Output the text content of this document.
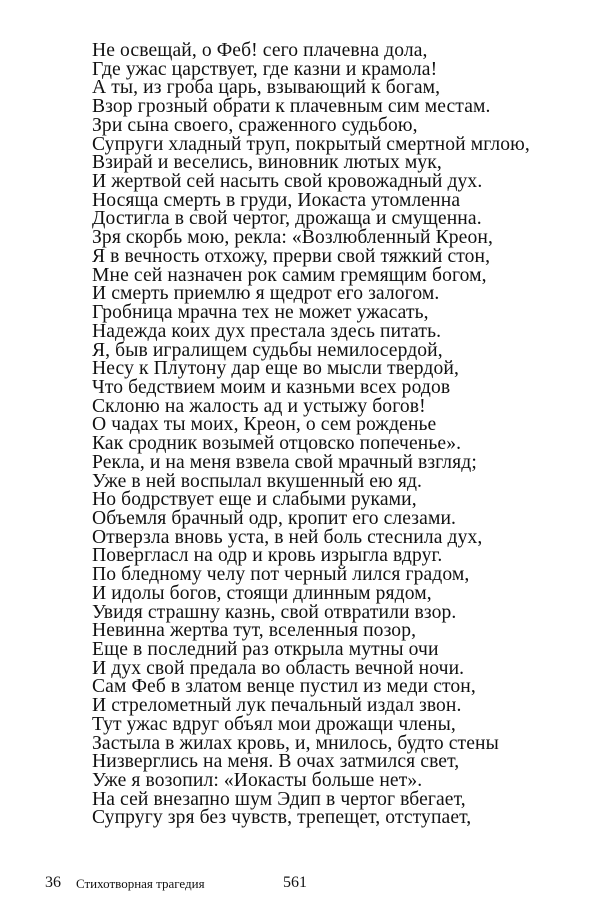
Не освещай, о Феб! сего плачевна дола,
Где ужас царствует, где казни и крамола!
А ты, из гроба царь, взывающий к богам,
Взор грозный обрати к плачевным сим местам.
Зри сына своего, сраженного судьбою,
Супруги хладный труп, покрытый смертной мглою,
Взирай и веселись, виновник лютых мук,
И жертвой сей насыть свой кровожадный дух.
Носяща смерть в груди, Иокаста утомленна
Достигла в свой чертог, дрожаща и смущенна.
Зря скорбь мою, рекла: «Возлюбленный Креон,
Я в вечность отхожу, прерви свой тяжкий стон,
Мне сей назначен рок самим гремящим богом,
И смерть приемлю я щедрот его залогом.
Гробница мрачна тех не может ужасать,
Надежда коих дух престала здесь питать.
Я, быв игралищем судьбы немилосердой,
Несу к Плутону дар еще во мысли твердой,
Что бедствием моим и казньми всех родов
Склоню на жалость ад и устыжу богов!
О чадах ты моих, Креон, о сем рожденье
Как сродник возымей отцовско попеченье».
Рекла, и на меня взвела свой мрачный взгляд;
Уже в ней воспылал вкушенный ею яд.
Но бодрствует еще и слабыми руками,
Объемля брачный одр, кропит его слезами.
Отверзла вновь уста, в ней боль стеснила дух,
Повергласл на одр и кровь изрыгла вдруг.
По бледному челу пот черный лился градом,
И идолы богов, стоящи длинным рядом,
Увидя страшну казнь, свой отвратили взор.
Невинна жертва тут, вселенныя позор,
Еще в последний раз открыла мутны очи
И дух свой предала во область вечной ночи.
Сам Феб в златом венце пустил из меди стон,
И стрелометный лук печальный издал звон.
Тут ужас вдруг объял мои дрожащи члены,
Застыла в жилах кровь, и, мнилось, будто стены
Низверглись на меня. В очах затмился свет,
Уже я возопил: «Иокасты больше нет».
На сей внезапно шум Эдип в чертог вбегает,
Супругу зря без чувств, трепещет, отступает,
36 Стихотворная трагедия	561
